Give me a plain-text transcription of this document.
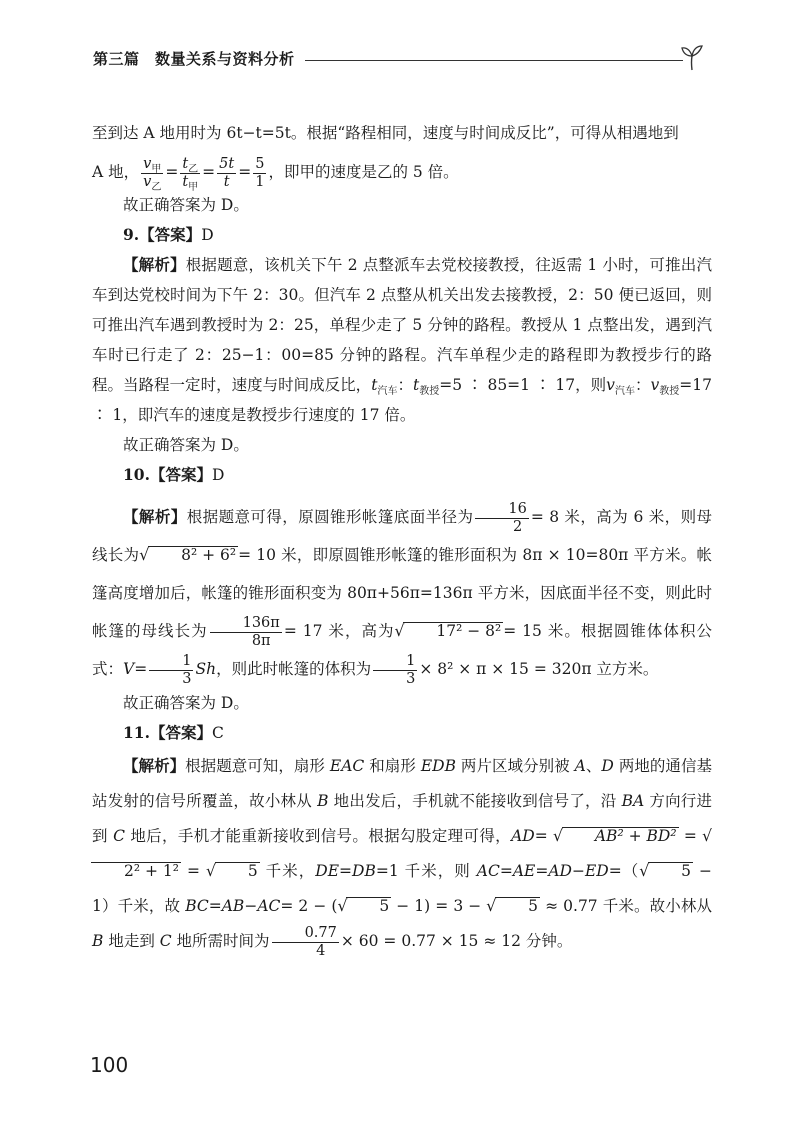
第三篇　数量关系与资料分析

至到达 A 地用时为 6t−t=5t。根据“路程相同，速度与时间成反比”，可得从相遇地到

A 地， $\frac{v_甲}{v_乙} = \frac{t_乙}{t_甲} = \frac{5t}{t} = \frac{5}{1}$ ，即甲的速度是乙的 5 倍。

故正确答案为 D。

9.【答案】D

【解析】根据题意，该机关下午 2 点整派车去党校接教授，往返需 1 小时，可推出汽车到达党校时间为下午 2：30。但汽车 2 点整从机关出发去接教授，2：50 便已返回，则可推出汽车遇到教授时为 2：25，单程少走了 5 分钟的路程。教授从 1 点整出发，遇到汽车时已行走了 2：25−1：00=85 分钟的路程。汽车单程少走的路程即为教授步行的路程。当路程一定时，速度与时间成反比，$t_{汽车}$：$t_{教授}=5$ ∶ 85=1 ∶ 17，则$v_{汽车}$：$v_{教授}=17$ ∶ 1，即汽车的速度是教授步行速度的 17 倍。

故正确答案为 D。

10.【答案】D

【解析】根据题意可得，原圆锥形帐篷底面半径为 $\frac{16}{2} = 8$ 米，高为 6 米，则母线长为√ 8² + 6² = 10 米，即原圆锥形帐篷的锥形面积为 8π × 10=80π 平方米。帐篷高度增加后，帐篷的锥形面积变为 80π+56π=136π 平方米，因底面半径不变，则此时帐篷的母线长为 $\frac{136\pi}{8\pi} = 17$ 米，高为√ 17² − 8² = 15 米。根据圆锥体体积公式：$V= \frac{1}{3}$ Sh，则此时帐篷的体积为 $\frac{1}{3} \times 8^2 \times \pi \times 15 = 320\pi$ 立方米。

故正确答案为 D。

11.【答案】C

【解析】根据题意可知，扇形 EAC 和扇形 EDB 两片区域分别被 A、D 两地的通信基站发射的信号所覆盖，故小林从 B 地出发后，手机就不能接收到信号了，沿 BA 方向行进到 C 地后，手机才能重新接收到信号。根据勾股定理可得，AD= √ AB² + BD² = √2² + 1² = √ 5 千米，DE=DB=1 千米，则 AC=AE=AD−ED=（√ 5 − 1）千米，故 BC=AB−AC= 2 − (√ 5 − 1) = 3 − √ 5 ≈ 0.77 千米。故小林从 B 地走到 C 地所需时间为 $\frac{0.77}{4} \times 60 = 0.77 \times 15 \approx 12$ 分钟。

100
